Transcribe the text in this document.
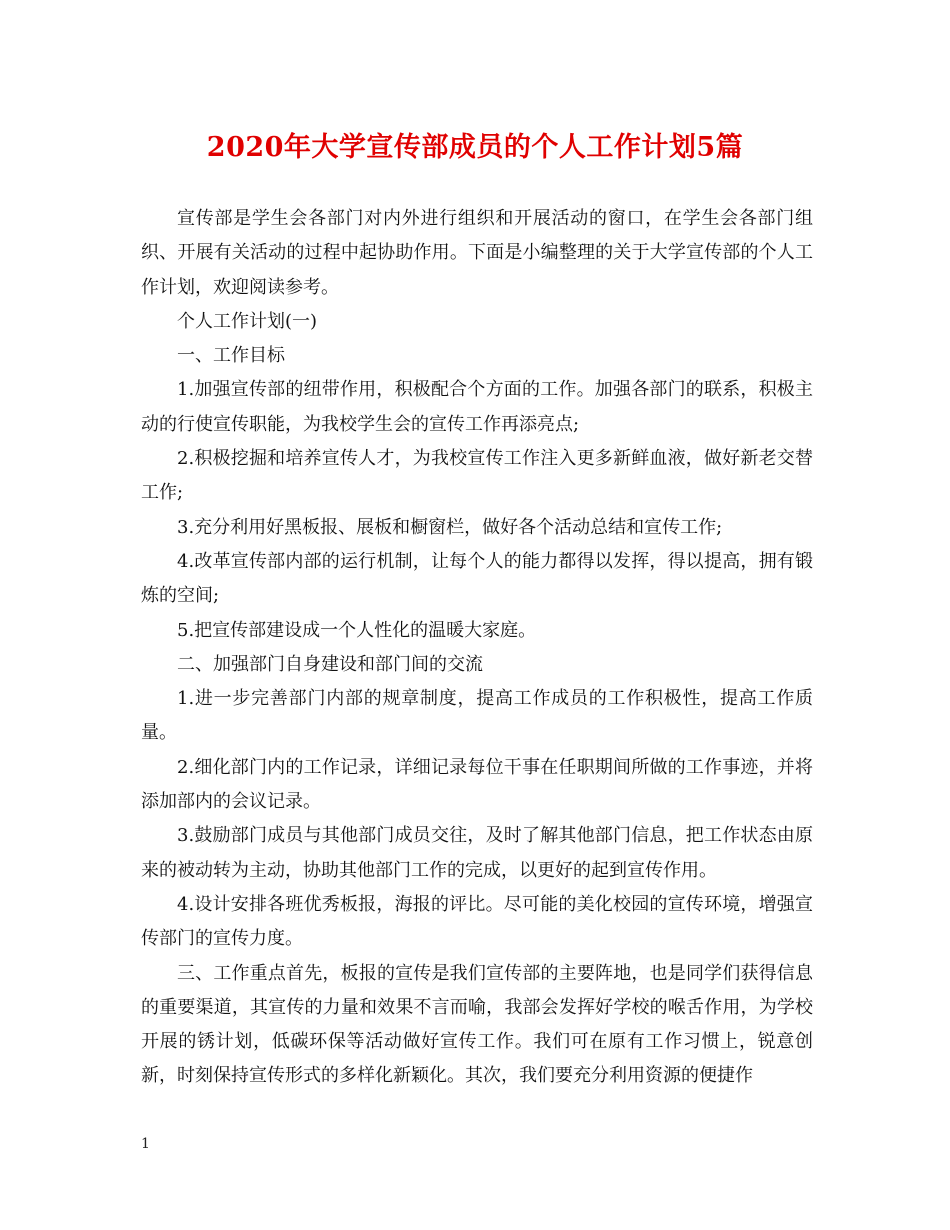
2020年大学宣传部成员的个人工作计划5篇

宣传部是学生会各部门对内外进行组织和开展活动的窗口，在学生会各部门组织、开展有关活动的过程中起协助作用。下面是小编整理的关于大学宣传部的个人工作计划，欢迎阅读参考。

个人工作计划(一)

一、工作目标

1.加强宣传部的纽带作用，积极配合个方面的工作。加强各部门的联系，积极主动的行使宣传职能，为我校学生会的宣传工作再添亮点;

2.积极挖掘和培养宣传人才，为我校宣传工作注入更多新鲜血液，做好新老交替工作;

3.充分利用好黑板报、展板和橱窗栏，做好各个活动总结和宣传工作;

4.改革宣传部内部的运行机制，让每个人的能力都得以发挥，得以提高，拥有锻炼的空间;

5.把宣传部建设成一个人性化的温暖大家庭。

二、加强部门自身建设和部门间的交流

1.进一步完善部门内部的规章制度，提高工作成员的工作积极性，提高工作质量。

2.细化部门内的工作记录，详细记录每位干事在任职期间所做的工作事迹，并将添加部内的会议记录。

3.鼓励部门成员与其他部门成员交往，及时了解其他部门信息，把工作状态由原来的被动转为主动，协助其他部门工作的完成，以更好的起到宣传作用。

4.设计安排各班优秀板报，海报的评比。尽可能的美化校园的宣传环境，增强宣传部门的宣传力度。

三、工作重点首先，板报的宣传是我们宣传部的主要阵地，也是同学们获得信息的重要渠道，其宣传的力量和效果不言而喻，我部会发挥好学校的喉舌作用，为学校开展的锈计划，低碳环保等活动做好宣传工作。我们可在原有工作习惯上，锐意创新，时刻保持宣传形式的多样化新颖化。其次，我们要充分利用资源的便捷作

1
